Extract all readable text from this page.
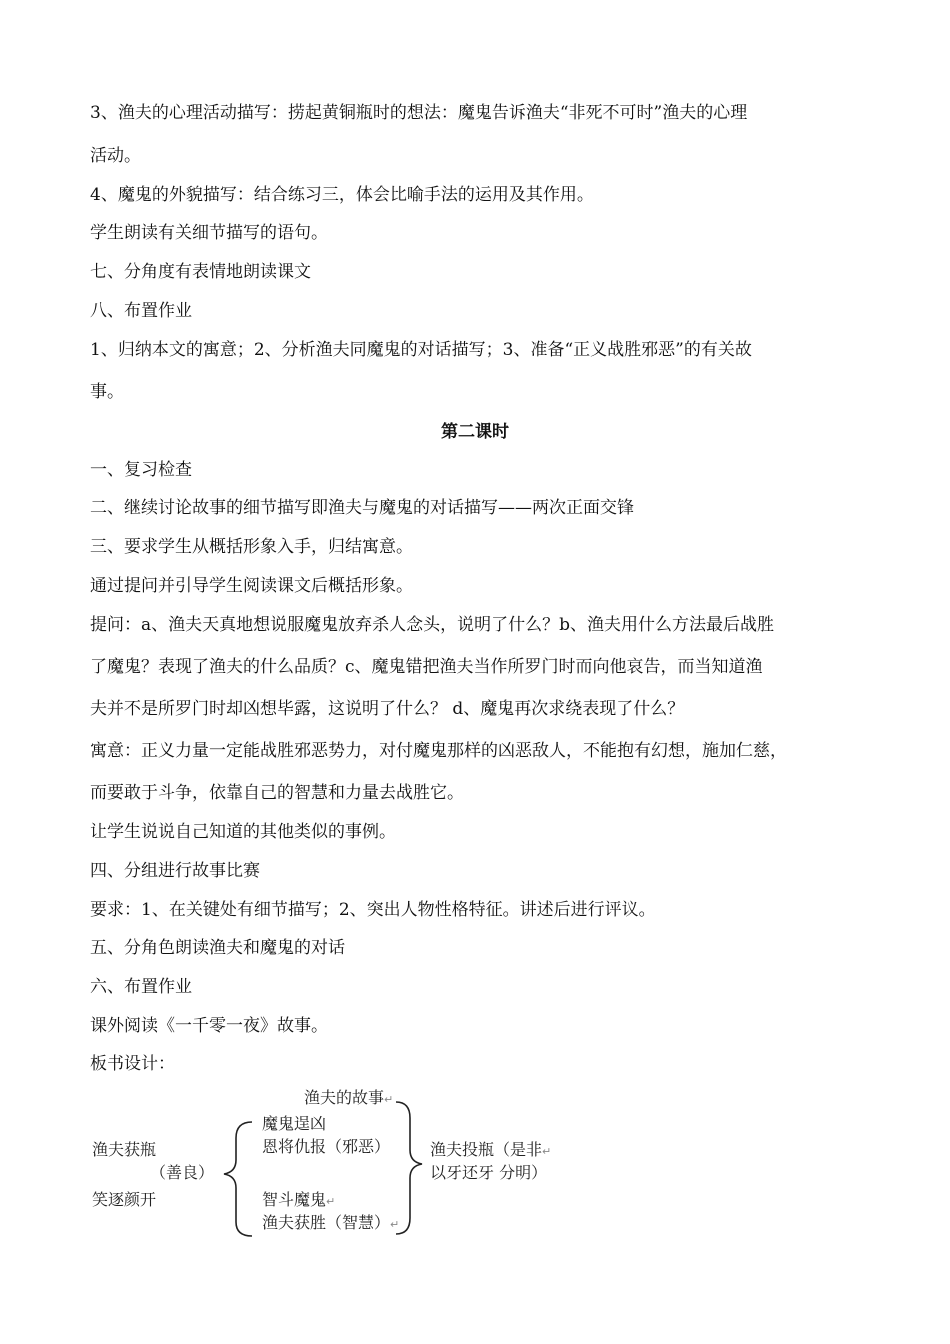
3、渔夫的心理活动描写：捞起黄铜瓶时的想法：魔鬼告诉渔夫“非死不可时”渔夫的心理
活动。
4、魔鬼的外貌描写：结合练习三，体会比喻手法的运用及其作用。
学生朗读有关细节描写的语句。
七、分角度有表情地朗读课文
八、布置作业
1、归纳本文的寓意；2、分析渔夫同魔鬼的对话描写；3、准备“正义战胜邪恶”的有关故
事。
第二课时
一、复习检查
二、继续讨论故事的细节描写即渔夫与魔鬼的对话描写——两次正面交锋
三、要求学生从概括形象入手，归结寓意。
通过提问并引导学生阅读课文后概括形象。
提问：a、渔夫天真地想说服魔鬼放弃杀人念头，说明了什么？b、渔夫用什么方法最后战胜
了魔鬼？表现了渔夫的什么品质？c、魔鬼错把渔夫当作所罗门时而向他哀告，而当知道渔
夫并不是所罗门时却凶想毕露，这说明了什么？ d、魔鬼再次求绕表现了什么？
寓意：正义力量一定能战胜邪恶势力，对付魔鬼那样的凶恶敌人，不能抱有幻想，施加仁慈，
而要敢于斗争，依靠自己的智慧和力量去战胜它。
让学生说说自己知道的其他类似的事例。
四、分组进行故事比赛
要求：1、在关键处有细节描写；2、突出人物性格特征。讲述后进行评议。
五、分角色朗读渔夫和魔鬼的对话
六、布置作业
课外阅读《一千零一夜》故事。
板书设计：
渔夫的故事↵
魔鬼逞凶
恩将仇报（邪恶）
智斗魔鬼↵
渔夫获胜（智慧）↵
渔夫获瓶
（善良）
笑逐颜开
渔夫投瓶（是非↵
以牙还牙 分明）
